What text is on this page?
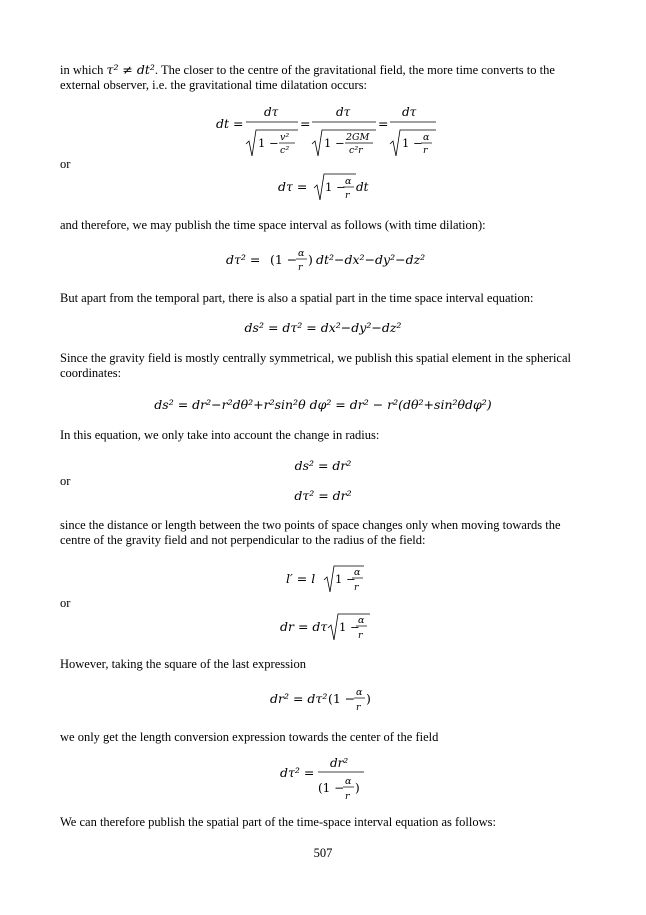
in which τ² ≠ dt². The closer to the centre of the gravitational field, the more time converts to the external observer, i.e. the gravitational time dilatation occurs:
dt =
dτ
1 − v²
c²
=
dτ
1 − 2GM
c²r
=
dτ
1 − α
r
or
dτ = 1 − α
r
dt
and therefore, we may publish the time space interval as follows (with time dilation):
dτ² = (1 − α
r
) dt²−dx²−dy²−dz²
But apart from the temporal part, there is also a spatial part in the time space interval equation:
ds² = dτ² = dx²−dy²−dz²
Since the gravity field is mostly centrally symmetrical, we publish this spatial element in the spherical coordinates:
ds² = dr²−r²dθ²+r²sin²θ dφ² = dr² − r²(dθ²+sin²θdφ²)
In this equation, we only take into account the change in radius:
ds² = dr²
or
dτ² = dr²
since the distance or length between the two points of space changes only when moving towards the centre of the gravity field and not perpendicular to the radius of the field:
l′ = l 1 −
α
r
or
dr = dτ 1 −
α
r
However, taking the square of the last expression
dr² = dτ² (1 − α
r
)
we only get the length conversion expression towards the center of the field
dτ² =
dr²
(1 − α
r
)
We can therefore publish the spatial part of the time-space interval equation as follows:
507
